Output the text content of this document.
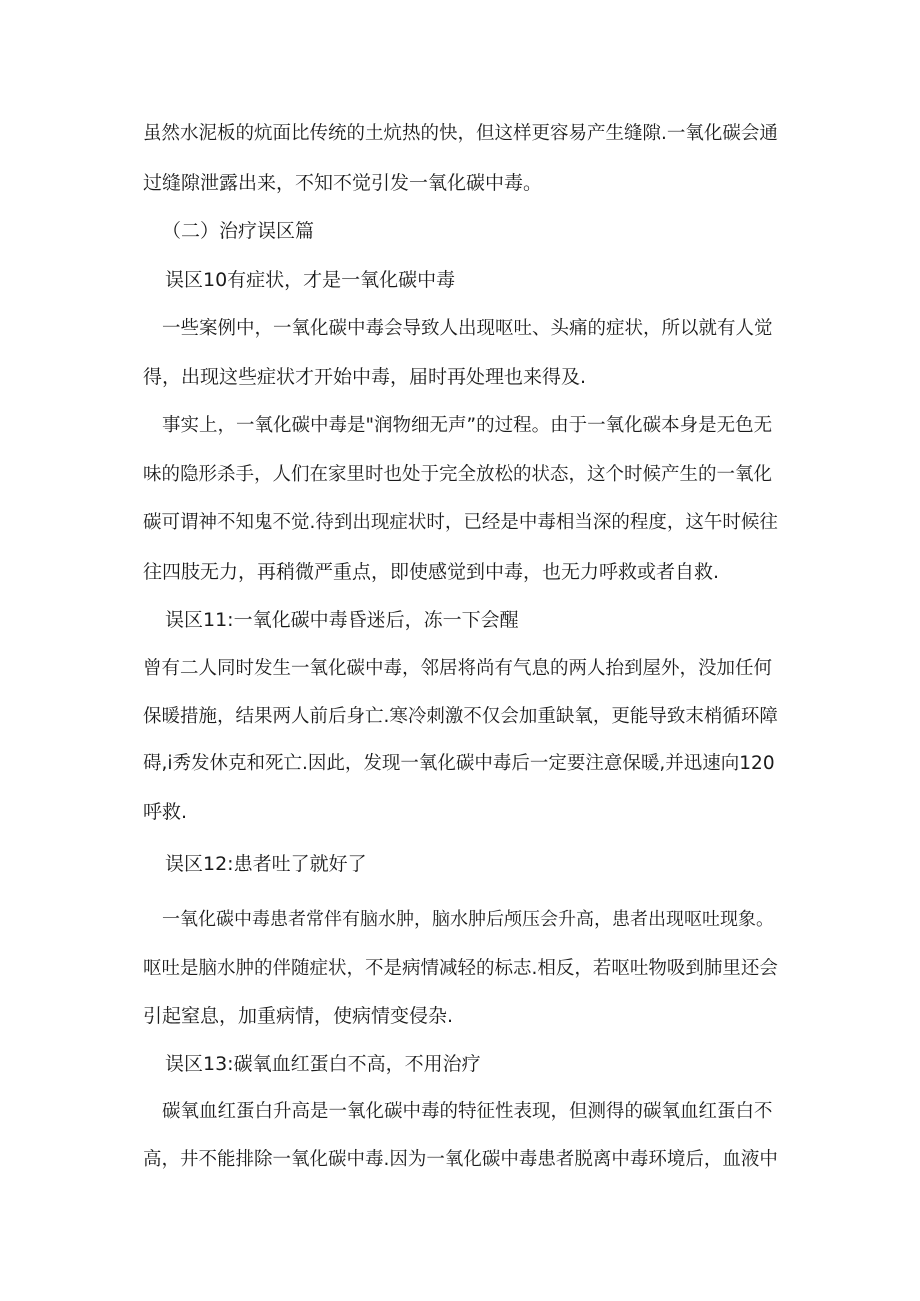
虽然水泥板的炕面比传统的土炕热的快，但这样更容易产生缝隙.一氧化碳会通

过缝隙泄露出来，不知不觉引发一氧化碳中毒。

（二）治疗误区篇

误区10有症状，才是一氧化碳中毒

一些案例中，一氧化碳中毒会导致人出现呕吐、头痛的症状，所以就有人觉

得，出现这些症状才开始中毒，届时再处理也来得及.

事实上，一氧化碳中毒是"润物细无声”的过程。由于一氧化碳本身是无色无

味的隐形杀手，人们在家里时也处于完全放松的状态，这个时候产生的一氧化

碳可谓神不知鬼不觉.待到出现症状时，已经是中毒相当深的程度，这午时候往

往四肢无力，再稍微严重点，即使感觉到中毒，也无力呼救或者自救.

误区11:一氧化碳中毒昏迷后，冻一下会醒

曾有二人同时发生一氧化碳中毒，邻居将尚有气息的两人抬到屋外，没加任何

保暖措施，结果两人前后身亡.寒冷刺激不仅会加重缺氧，更能导致末梢循环障

碍,i秀发休克和死亡.因此，发现一氧化碳中毒后一定要注意保暖,并迅速向120

呼救.

误区12:患者吐了就好了

一氧化碳中毒患者常伴有脑水肿，脑水肿后颅压会升高，患者出现呕吐现象。

呕吐是脑水肿的伴随症状，不是病情减轻的标志.相反，若呕吐物吸到肺里还会

引起窒息，加重病情，使病情变侵杂.

误区13:碳氧血红蛋白不高，不用治疗

碳氧血红蛋白升高是一氧化碳中毒的特征性表现，但测得的碳氧血红蛋白不

高，井不能排除一氧化碳中毒.因为一氧化碳中毒患者脱离中毒环境后，血液中
